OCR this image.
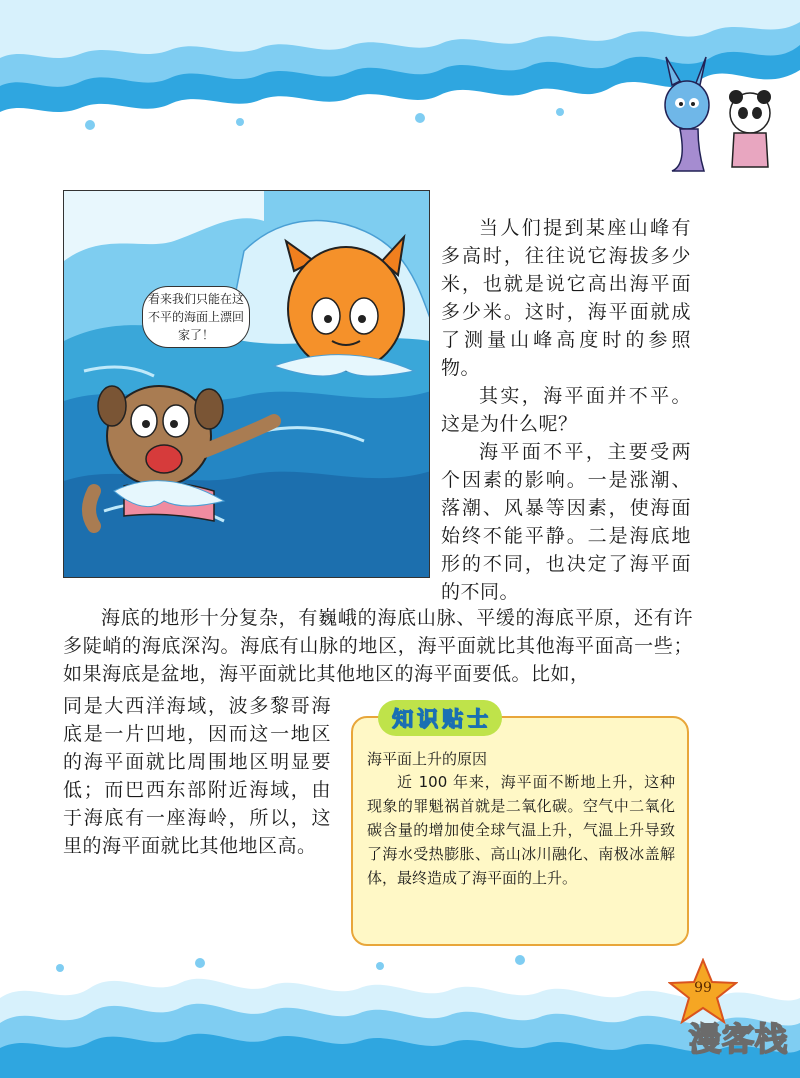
看来我们只能在这不平的海面上漂回家了！

当人们提到某座山峰有多高时，往往说它海拔多少米，也就是说它高出海平面多少米。这时，海平面就成了测量山峰高度时的参照物。

其实，海平面并不平。这是为什么呢？

海平面不平，主要受两个因素的影响。一是涨潮、落潮、风暴等因素，使海面始终不能平静。二是海底地形的不同，也决定了海平面的不同。

海底的地形十分复杂，有巍峨的海底山脉、平缓的海底平原，还有许多陡峭的海底深沟。海底有山脉的地区，海平面就比其他海平面高一些；如果海底是盆地，海平面就比其他地区的海平面要低。比如，

同是大西洋海域，波多黎哥海底是一片凹地，因而这一地区的海平面就比周围地区明显要低；而巴西东部附近海域，由于海底有一座海岭，所以，这里的海平面就比其他地区高。

知 识 贴 士
海平面上升的原因

近 100 年来，海平面不断地上升，这种现象的罪魁祸首就是二氧化碳。空气中二氧化碳含量的增加使全球气温上升，气温上升导致了海水受热膨胀、高山冰川融化、南极冰盖解体，最终造成了海平面的上升。

99
漫客栈
